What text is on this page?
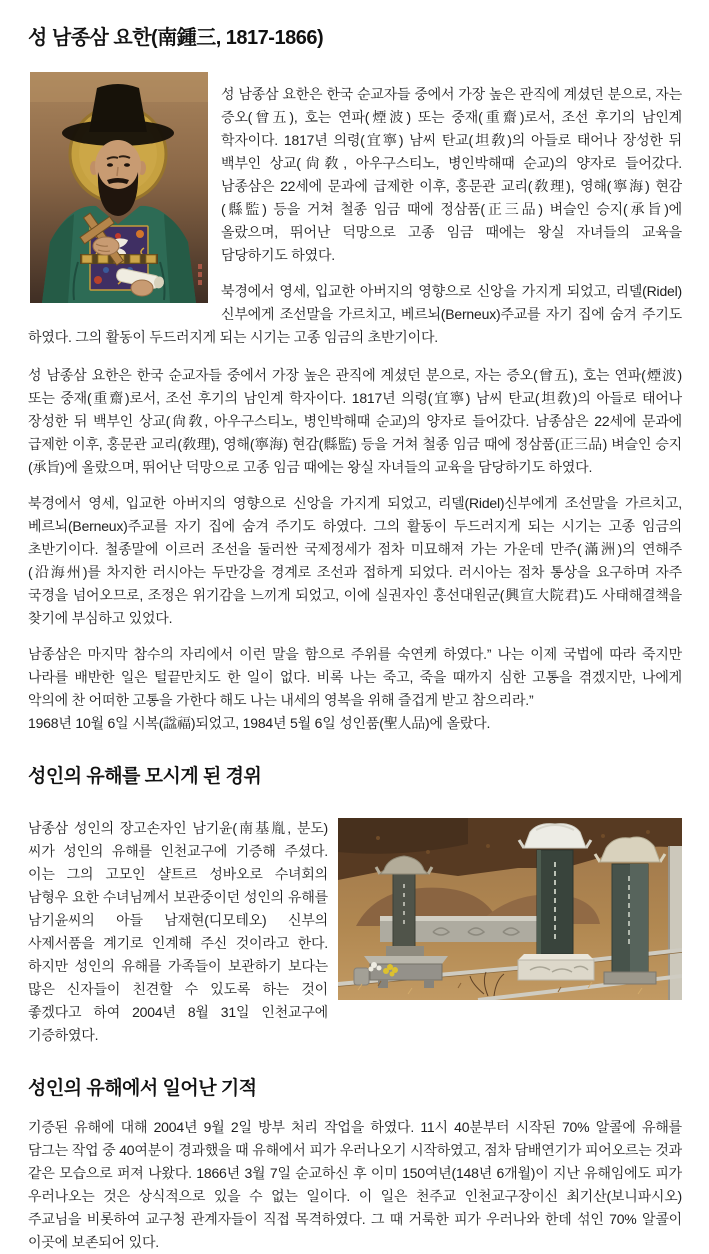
성 남종삼 요한(南鍾三, 1817-1866)

성 남종삼 요한은 한국 순교자들 중에서 가장 높은 관직에 계셨던 분으로, 자는 증오(曾五), 호는 연파(煙波) 또는 중재(重齋)로서, 조선 후기의 남인계 학자이다. 1817년 의령(宜寧) 남씨 탄교(坦敎)의 아들로 태어나 장성한 뒤 백부인 상교(尙敎, 아우구스티노, 병인박해때 순교)의 양자로 들어갔다. 남종삼은 22세에 문과에 급제한 이후, 홍문관 교리(敎理), 영해(寧海) 현감(縣監) 등을 거쳐 철종 임금 때에 정삼품(正三品) 벼슬인 승지(承旨)에 올랐으며, 뛰어난 덕망으로 고종 임금 때에는 왕실 자녀들의 교육을 담당하기도 하였다.

북경에서 영세, 입교한 아버지의 영향으로 신앙을 가지게 되었고, 리델(Ridel)신부에게 조선말을 가르치고, 베르뇌(Berneux)주교를 자기 집에 숨겨 주기도 하였다. 그의 활동이 두드러지게 되는 시기는 고종 임금의 초반기이다.

성 남종삼 요한은 한국 순교자들 중에서 가장 높은 관직에 계셨던 분으로, 자는 증오(曾五), 호는 연파(煙波) 또는 중재(重齋)로서, 조선 후기의 남인계 학자이다. 1817년 의령(宜寧) 남씨 탄교(坦敎)의 아들로 태어나 장성한 뒤 백부인 상교(尙敎, 아우구스티노, 병인박해때 순교)의 양자로 들어갔다. 남종삼은 22세에 문과에 급제한 이후, 홍문관 교리(敎理), 영해(寧海) 현감(縣監) 등을 거쳐 철종 임금 때에 정삼품(正三品) 벼슬인 승지(承旨)에 올랐으며, 뛰어난 덕망으로 고종 임금 때에는 왕실 자녀들의 교육을 담당하기도 하였다.

북경에서 영세, 입교한 아버지의 영향으로 신앙을 가지게 되었고, 리델(Ridel)신부에게 조선말을 가르치고, 베르뇌(Berneux)주교를 자기 집에 숨겨 주기도 하였다. 그의 활동이 두드러지게 되는 시기는 고종 임금의 초반기이다. 철종말에 이르러 조선을 둘러싼 국제정세가 점차 미묘해져 가는 가운데 만주(滿洲)의 연해주(沿海州)를 차지한 러시아는 두만강을 경계로 조선과 접하게 되었다. 러시아는 점차 통상을 요구하며 자주 국경을 넘어오므로, 조정은 위기감을 느끼게 되었고, 이에 실권자인 홍선대원군(興宣大院君)도 사태해결책을 찾기에 부심하고 있었다.

남종삼은 마지막 참수의 자리에서 이런 말을 함으로 주위를 숙연케 하였다.” 나는 이제 국법에 따라 죽지만 나라를 배반한 일은 털끝만치도 한 일이 없다. 비록 나는 죽고, 죽을 때까지 심한 고통을 겪겠지만, 나에게 악의에 찬 어떠한 고통을 가한다 해도 나는 내세의 영복을 위해 즐겁게 받고 참으리라.”
1968년 10월 6일 시복(諡福)되었고, 1984년 5월 6일 성인품(聖人品)에 올랐다.

성인의 유해를 모시게 된 경위

남종삼 성인의 장고손자인 남기윤(南基胤, 분도)씨가 성인의 유해를 인천교구에 기증해 주셨다. 이는 그의 고모인 샬트르 성바오로 수녀회의 남형우 요한 수녀님께서 보관중이던 성인의 유해를 남기윤씨의 아들 남재현(디모테오) 신부의 사제서품을 계기로 인계해 주신 것이라고 한다. 하지만 성인의 유해를 가족들이 보관하기 보다는 많은 신자들이 친견할 수 있도록 하는 것이 좋겠다고 하여 2004년 8월 31일 인천교구에 기증하였다.

성인의 유해에서 일어난 기적

기증된 유해에 대해 2004년 9월 2일 방부 처리 작업을 하였다. 11시 40분부터 시작된 70% 알콜에 유해를 담그는 작업 중 40여분이 경과했을 때 유해에서 피가 우러나오기 시작하였고, 점차 담배연기가 피어오르는 것과 같은 모습으로 퍼져 나왔다. 1866년 3월 7일 순교하신 후 이미 150여년(148년 6개월)이 지난 유해임에도 피가 우러나오는 것은 상식적으로 있을 수 없는 일이다. 이 일은 천주교 인천교구장이신 최기산(보니파시오) 주교님을 비롯하여 교구청 관계자들이 직접 목격하였다. 그 때 거룩한 피가 우러나와 한데 섞인 70% 알콜이 이곳에 보존되어 있다.
